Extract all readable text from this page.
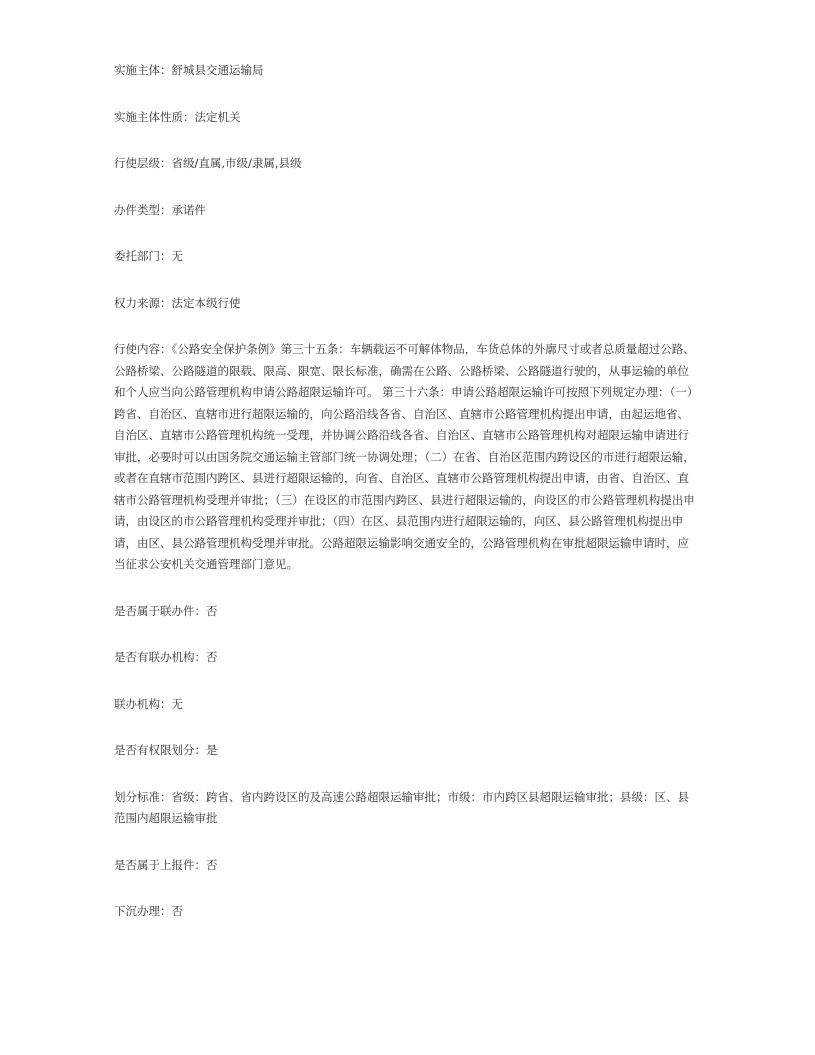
实施主体：舒城县交通运输局

实施主体性质：法定机关

行使层级：省级/直属,市级/隶属,县级

办件类型：承诺件

委托部门：无

权力来源：法定本级行使

行使内容：《公路安全保护条例》第三十五条：车辆载运不可解体物品，车货总体的外廓尺寸或者总质量超过公路、公路桥梁、公路隧道的限载、限高、限宽、限长标准，确需在公路、公路桥梁、公路隧道行驶的，从事运输的单位和个人应当向公路管理机构申请公路超限运输许可。 第三十六条：申请公路超限运输许可按照下列规定办理：（一）跨省、自治区、直辖市进行超限运输的，向公路沿线各省、自治区、直辖市公路管理机构提出申请，由起运地省、自治区、直辖市公路管理机构统一受理，并协调公路沿线各省、自治区、直辖市公路管理机构对超限运输申请进行审批，必要时可以由国务院交通运输主管部门统一协调处理；（二）在省、自治区范围内跨设区的市进行超限运输，或者在直辖市范围内跨区、县进行超限运输的，向省、自治区、直辖市公路管理机构提出申请，由省、自治区、直辖市公路管理机构受理并审批；（三）在设区的市范围内跨区、县进行超限运输的，向设区的市公路管理机构提出申请，由设区的市公路管理机构受理并审批；（四）在区、县范围内进行超限运输的，向区、县公路管理机构提出申请，由区、县公路管理机构受理并审批。公路超限运输影响交通安全的，公路管理机构在审批超限运输申请时，应当征求公安机关交通管理部门意见。

是否属于联办件：否

是否有联办机构：否

联办机构：无

是否有权限划分：是

划分标准：省级：跨省、省内跨设区的及高速公路超限运输审批；市级：市内跨区县超限运输审批；县级：区、县范围内超限运输审批

是否属于上报件：否

下沉办理：否
